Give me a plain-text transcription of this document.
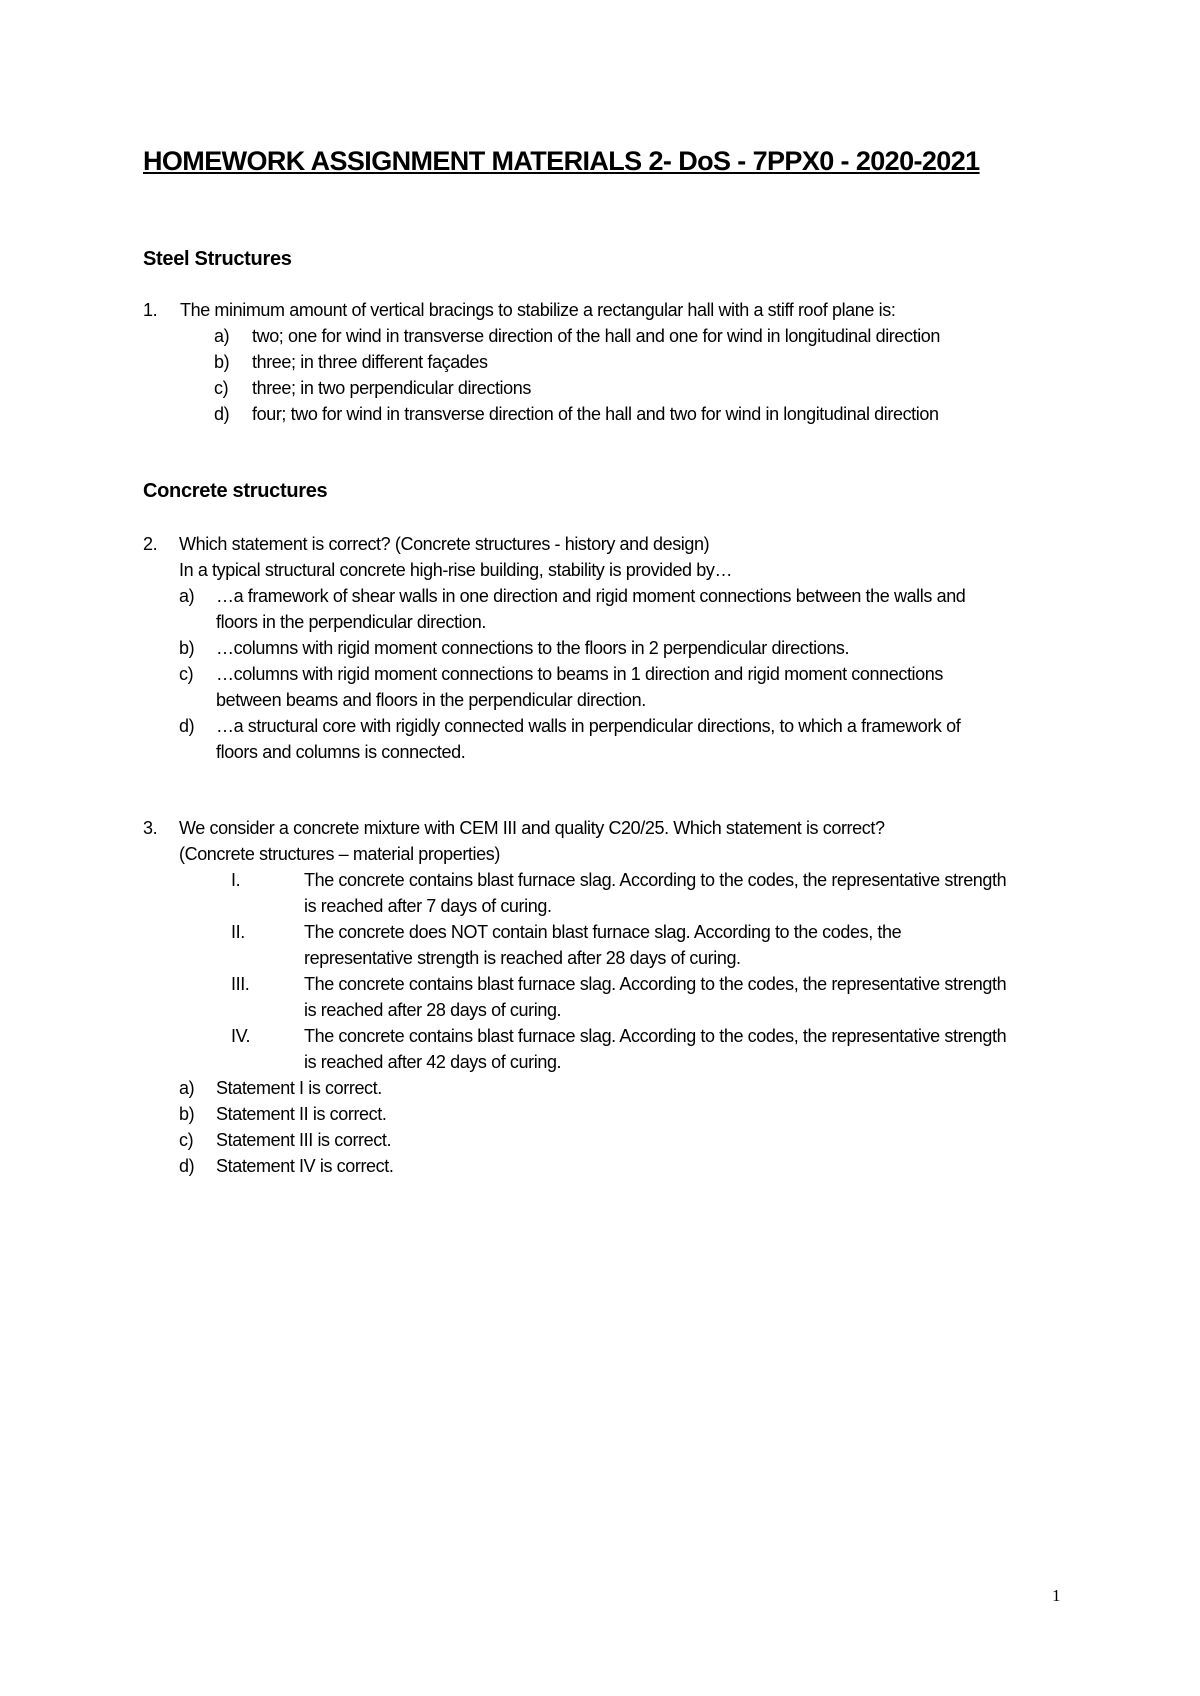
HOMEWORK ASSIGNMENT MATERIALS 2- DoS - 7PPX0 - 2020-2021
Steel Structures
1.	The minimum amount of vertical bracings to stabilize a rectangular hall with a stiff roof plane is:
a) two; one for wind in transverse direction of the hall and one for wind in longitudinal direction
b) three; in three different façades
c) three; in two perpendicular directions
d) four; two for wind in transverse direction of the hall and two for wind in longitudinal direction
Concrete structures
2.	Which statement is correct? (Concrete structures - history and design)
In a typical structural concrete high-rise building, stability is provided by…
a) …a framework of shear walls in one direction and rigid moment connections between the walls and
floors in the perpendicular direction.
b) …columns with rigid moment connections to the floors in 2 perpendicular directions.
c) …columns with rigid moment connections to beams in 1 direction and rigid moment connections
between beams and floors in the perpendicular direction.
d) …a structural core with rigidly connected walls in perpendicular directions, to which a framework of
floors and columns is connected.
3.	We consider a concrete mixture with CEM III and quality C20/25. Which statement is correct?
(Concrete structures – material properties)
I.	The concrete contains blast furnace slag. According to the codes, the representative strength
is reached after 7 days of curing.
II.	The concrete does NOT contain blast furnace slag. According to the codes, the
representative strength is reached after 28 days of curing.
III.	The concrete contains blast furnace slag. According to the codes, the representative strength
is reached after 28 days of curing.
IV.	The concrete contains blast furnace slag. According to the codes, the representative strength
is reached after 42 days of curing.
a) Statement I is correct.
b) Statement II is correct.
c) Statement III is correct.
d) Statement IV is correct.
1
